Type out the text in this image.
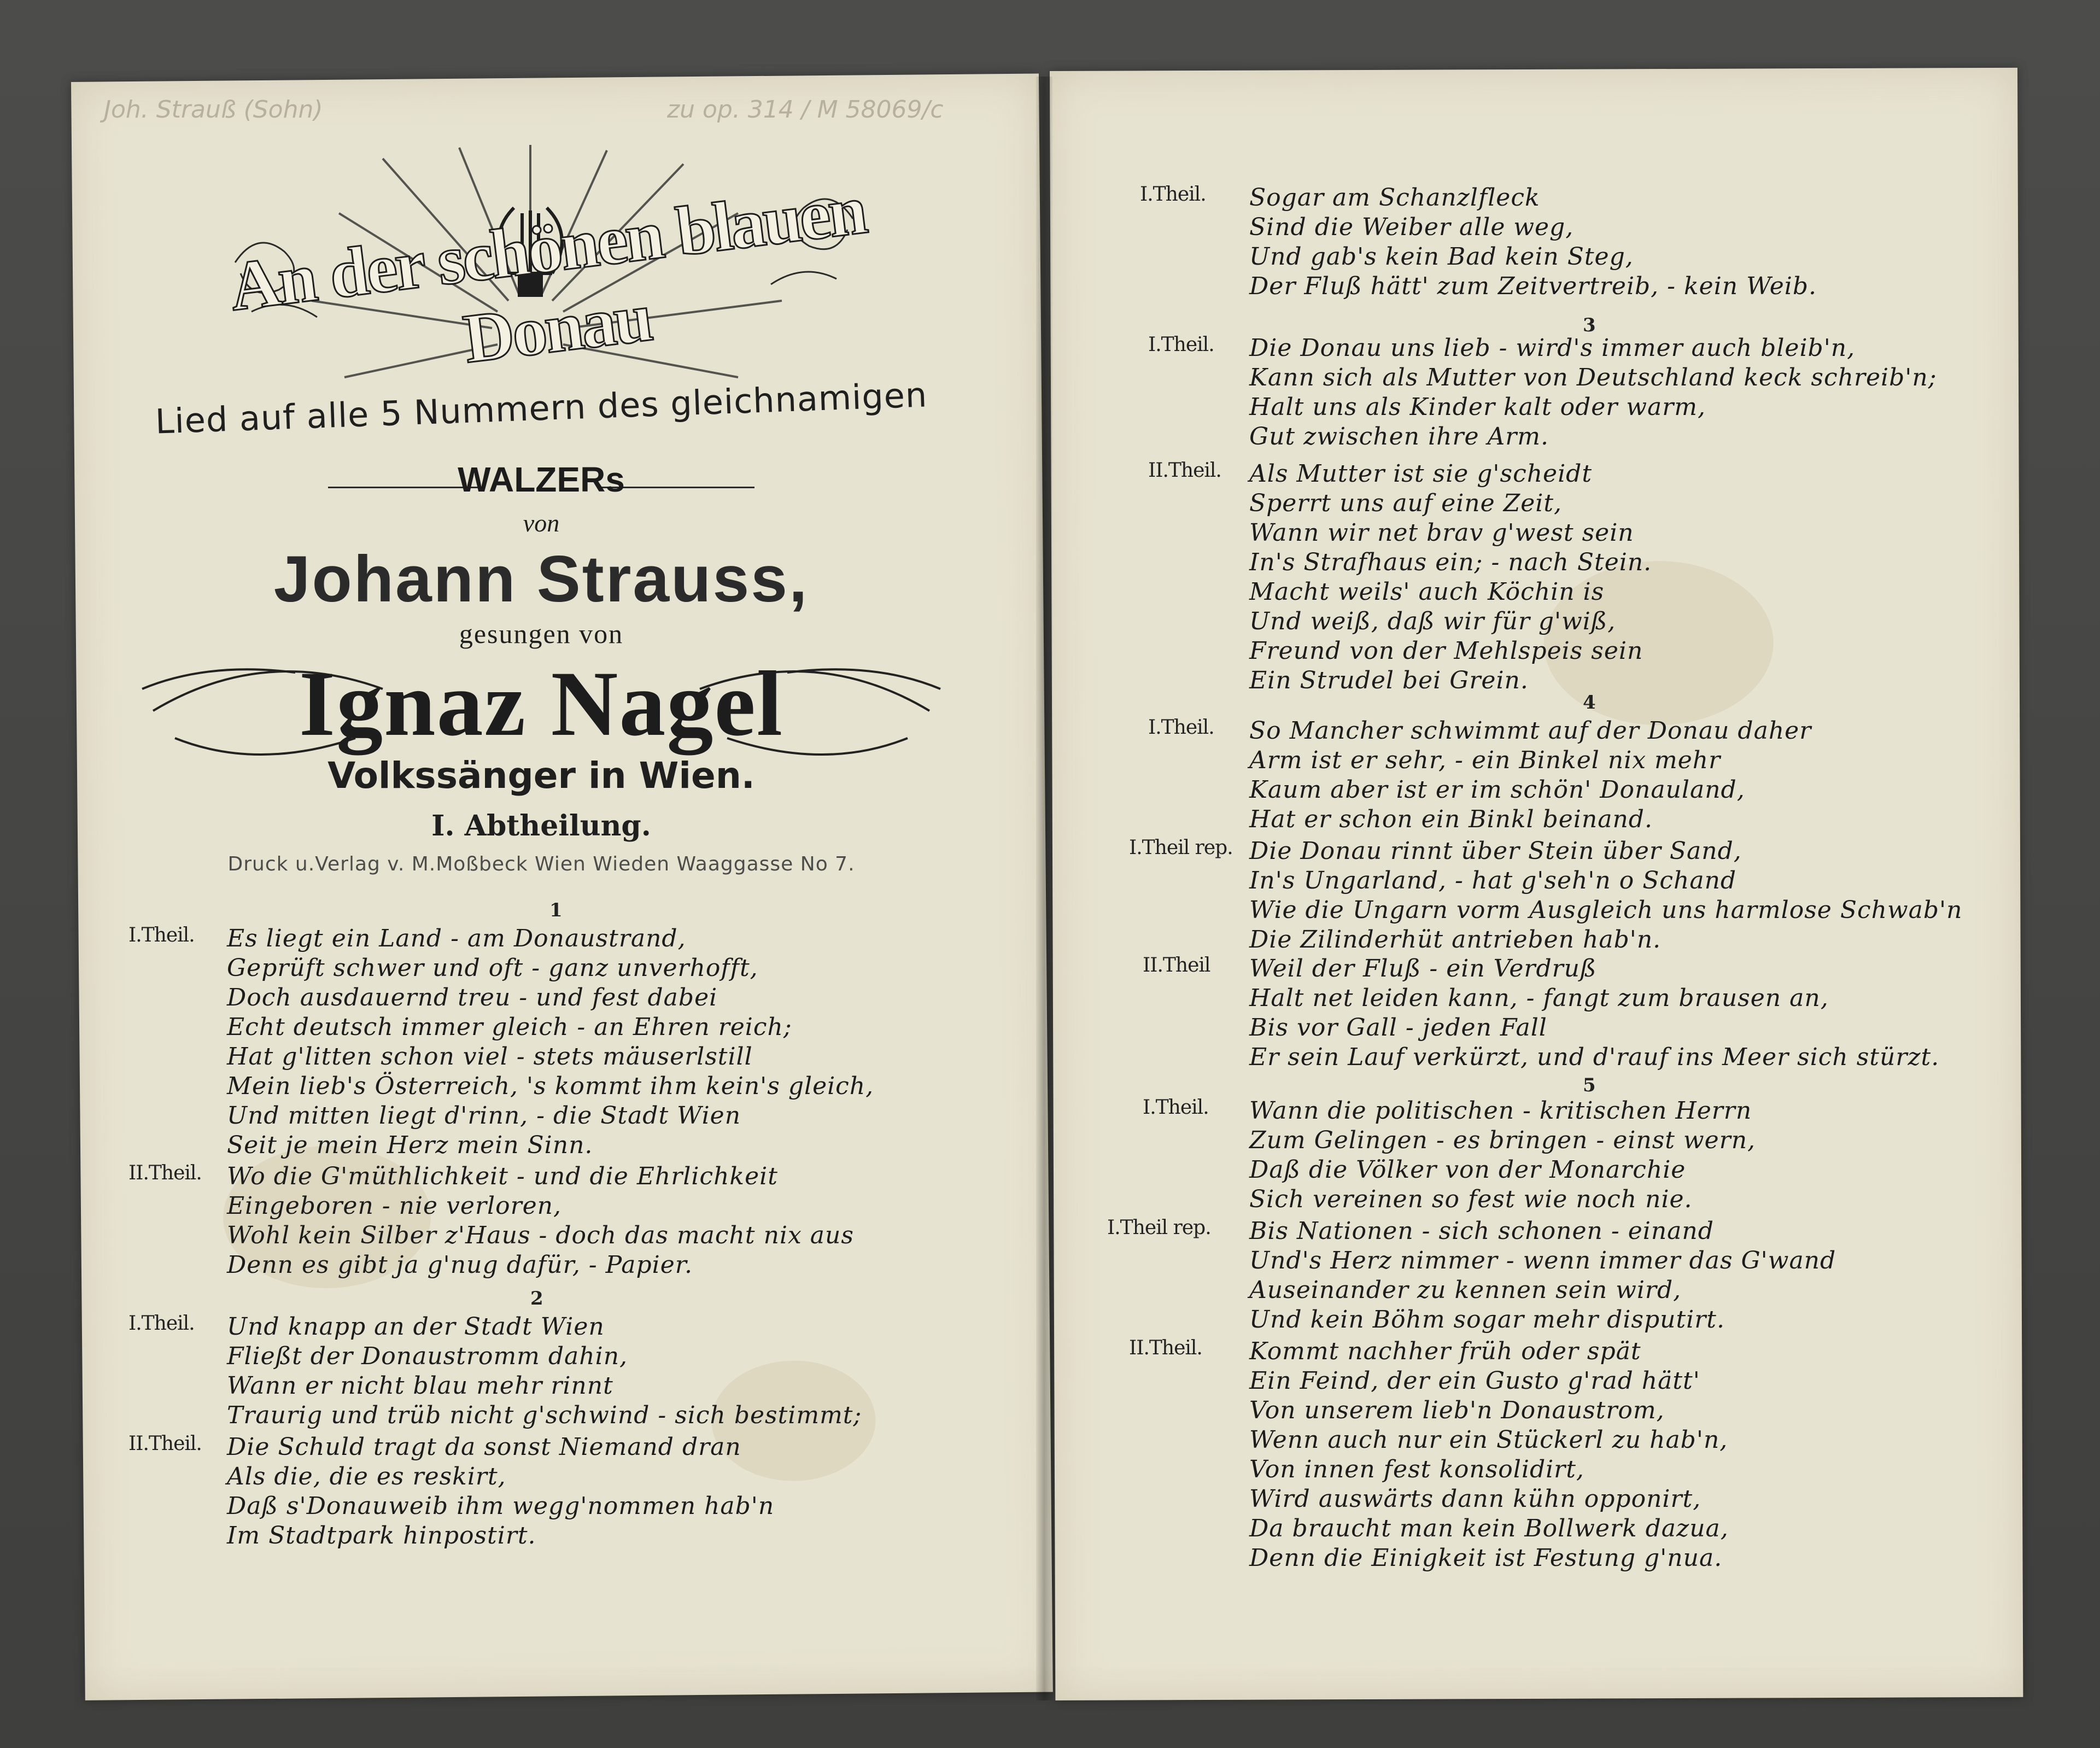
Joh. Strauß (Sohn)	zu op. 314 / M 58069/c
An der schönen blauen Donau
Lied auf alle 5 Nummern des gleichnamigen
WALZERs
von
Johann Strauss,
gesungen von
Ignaz Nagel
Volkssänger in Wien.
I. Abtheilung.
Druck u.Verlag v. M.Moßbeck Wien Wieden Waaggasse No 7.
1
I.Theil. Es liegt ein Land - am Donaustrand,
Geprüft schwer und oft - ganz unverhofft,
Doch ausdauernd treu - und fest dabei
Echt deutsch immer gleich - an Ehren reich;
Hat g'litten schon viel - stets mäuserlstill
Mein lieb's Österreich, 's kommt ihm kein's gleich,
Und mitten liegt d'rinn, - die Stadt Wien
Seit je mein Herz mein Sinn.
II.Theil. Wo die G'müthlichkeit - und die Ehrlichkeit
Eingeboren - nie verloren,
Wohl kein Silber z'Haus - doch das macht nix aus
Denn es gibt ja g'nug dafür, - Papier.
2
I.Theil. Und knapp an der Stadt Wien
Fließt der Donaustromm dahin,
Wann er nicht blau mehr rinnt
Traurig und trüb nicht g'schwind - sich bestimmt;
II.Theil. Die Schuld tragt da sonst Niemand dran
Als die, die es reskirt,
Daß s'Donauweib ihm wegg'nommen hab'n
Im Stadtpark hinpostirt.
I.Theil. Sogar am Schanzlfleck
Sind die Weiber alle weg,
Und gab's kein Bad kein Steg,
Der Fluß hätt' zum Zeitvertreib, - kein Weib.
3
I.Theil. Die Donau uns lieb - wird's immer auch bleib'n,
Kann sich als Mutter von Deutschland keck schreib'n;
Halt uns als Kinder kalt oder warm,
Gut zwischen ihre Arm.
II.Theil. Als Mutter ist sie g'scheidt
Sperrt uns auf eine Zeit,
Wann wir net brav g'west sein
In's Strafhaus ein; - nach Stein.
Macht weils' auch Köchin is
Und weiß, daß wir für g'wiß,
Freund von der Mehlspeis sein
Ein Strudel bei Grein.
4
I.Theil. So Mancher schwimmt auf der Donau daher
Arm ist er sehr, - ein Binkel nix mehr
Kaum aber ist er im schön' Donauland,
Hat er schon ein Binkl beinand.
I.Theil rep. Die Donau rinnt über Stein über Sand,
In's Ungarland, - hat g'seh'n o Schand
Wie die Ungarn vorm Ausgleich uns harmlose Schwab'n
Die Zilinderhüt antrieben hab'n.
II.Theil Weil der Fluß - ein Verdruß
Halt net leiden kann, - fangt zum brausen an,
Bis vor Gall - jeden Fall
Er sein Lauf verkürzt, und d'rauf ins Meer sich stürzt.
5
I.Theil. Wann die politischen - kritischen Herrn
Zum Gelingen - es bringen - einst wern,
Daß die Völker von der Monarchie
Sich vereinen so fest wie noch nie.
I.Theil rep. Bis Nationen - sich schonen - einand
Und's Herz nimmer - wenn immer das G'wand
Auseinander zu kennen sein wird,
Und kein Böhm sogar mehr disputirt.
II.Theil. Kommt nachher früh oder spät
Ein Feind, der ein Gusto g'rad hätt'
Von unserem lieb'n Donaustrom,
Wenn auch nur ein Stückerl zu hab'n,
Von innen fest konsolidirt,
Wird auswärts dann kühn opponirt,
Da braucht man kein Bollwerk dazua,
Denn die Einigkeit ist Festung g'nua.
